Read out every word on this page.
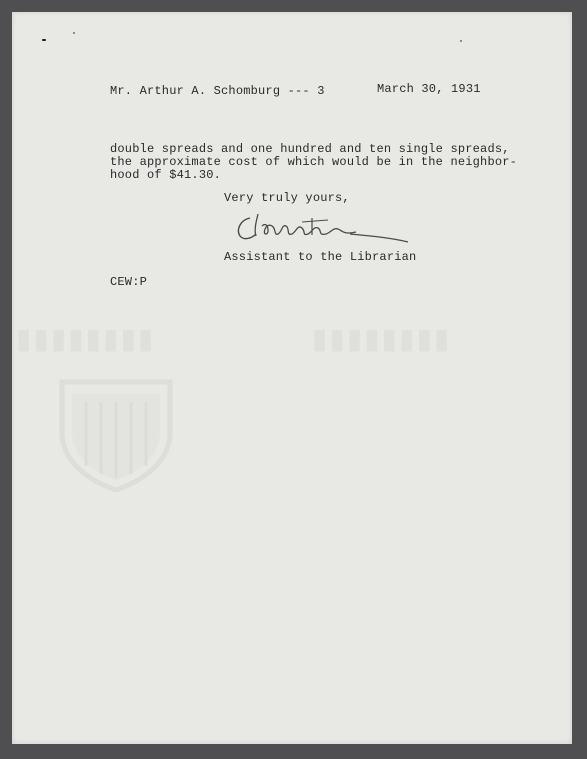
▮▮▮▮▮▮▮▮	▮▮▮▮▮▮▮▮
Mr. Arthur A. Schomburg --- 3	March 30, 1931
double spreads and one hundred and ten single spreads,
the approximate cost of which would be in the neighbor-
hood of $41.30.
Very truly yours,
Assistant to the Librarian
CEW:P
